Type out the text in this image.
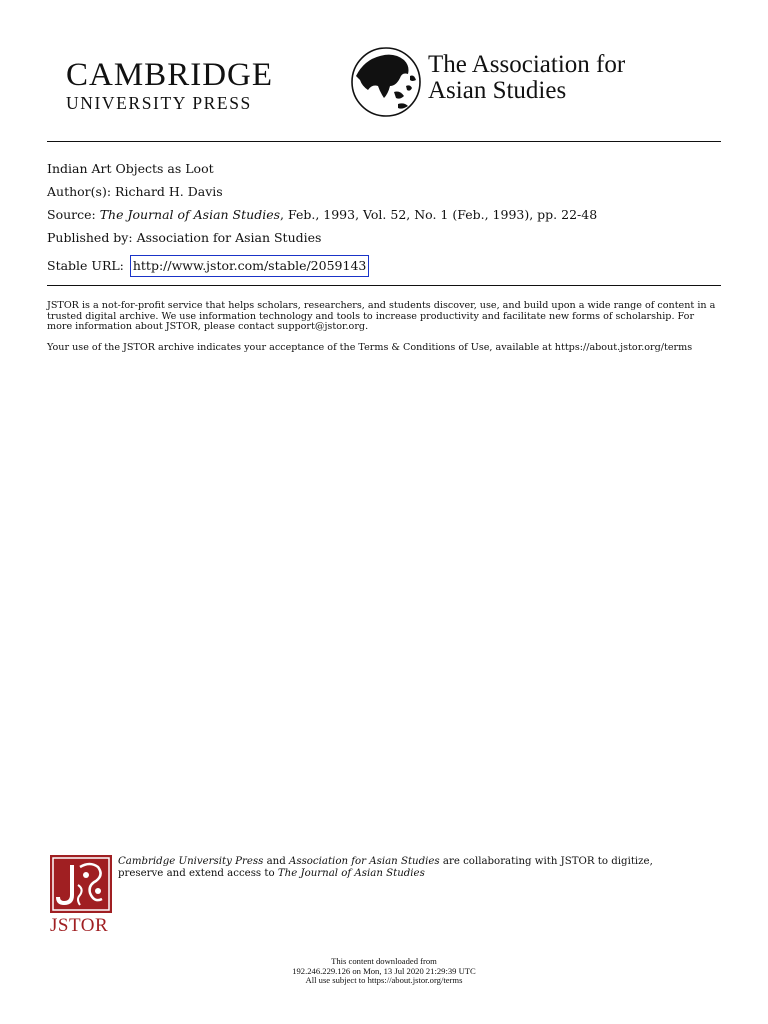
CAMBRIDGE
UNIVERSITY PRESS
The Association for
Asian Studies
Indian Art Objects as Loot
Author(s): Richard H. Davis
Source: The Journal of Asian Studies, Feb., 1993, Vol. 52, No. 1 (Feb., 1993), pp. 22-48
Published by: Association for Asian Studies
Stable URL: http://www.jstor.com/stable/2059143
JSTOR is a not-for-profit service that helps scholars, researchers, and students discover, use, and build upon a wide range of content in a trusted digital archive. We use information technology and tools to increase productivity and facilitate new forms of scholarship. For more information about JSTOR, please contact support@jstor.org.
Your use of the JSTOR archive indicates your acceptance of the Terms & Conditions of Use, available at https://about.jstor.org/terms
JSTOR
Cambridge University Press and Association for Asian Studies are collaborating with JSTOR to digitize, preserve and extend access to The Journal of Asian Studies
This content downloaded from
192.246.229.126 on Mon, 13 Jul 2020 21:29:39 UTC
All use subject to https://about.jstor.org/terms
